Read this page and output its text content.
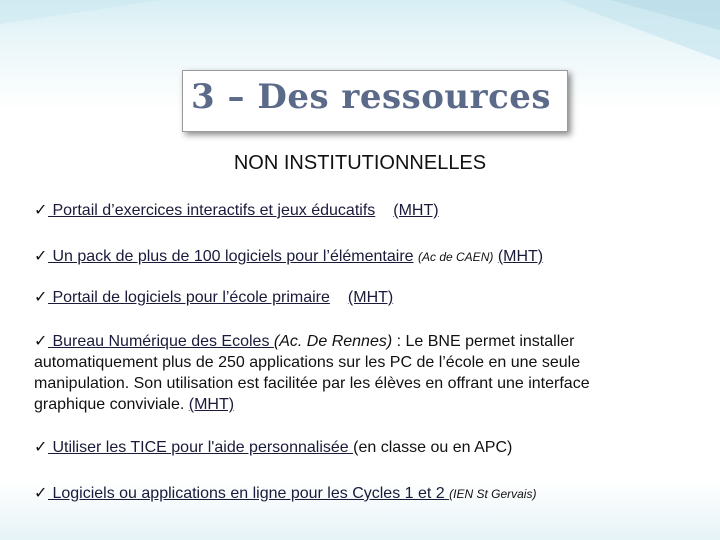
3 – Des ressources
NON INSTITUTIONNELLES
✓ Portail d’exercices interactifs et jeux éducatifs (MHT)
✓ Un pack de plus de 100 logiciels pour l’élémentaire (Ac de CAEN) (MHT)
✓ Portail de logiciels pour l’école primaire (MHT)
✓ Bureau Numérique des Ecoles (Ac. De Rennes) : Le BNE permet installer automatiquement plus de 250 applications sur les PC de l’école en une seule manipulation. Son utilisation est facilitée par les élèves en offrant une interface graphique conviviale. (MHT)
✓ Utiliser les TICE pour l'aide personnalisée (en classe ou en APC)
✓ Logiciels ou applications en ligne pour les Cycles 1 et 2 (IEN St Gervais)
